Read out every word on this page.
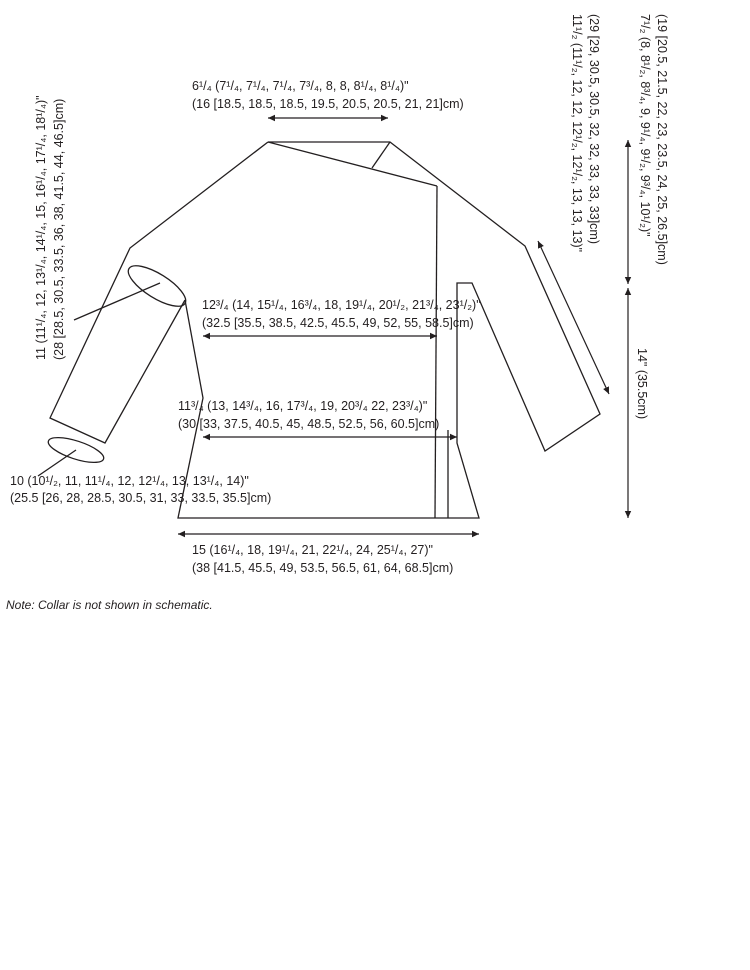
6¹/₄ (7¹/₄, 7¹/₄, 7¹/₄, 7³/₄, 8, 8, 8¹/₄, 8¹/₄)"
(16 [18.5, 18.5, 18.5, 19.5, 20.5, 20.5, 21, 21]cm)
12³/₄ (14, 15¹/₄, 16³/₄, 18, 19¹/₄, 20¹/₂, 21³/₄, 23¹/₂)"
(32.5 [35.5, 38.5, 42.5, 45.5, 49, 52, 55, 58.5]cm)
11³/₄ (13, 14³/₄, 16, 17³/₄, 19, 20³/₄ 22, 23³/₄)"
(30 [33, 37.5, 40.5, 45, 48.5, 52.5, 56, 60.5]cm)
10 (10¹/₂, 11, 11¹/₄, 12, 12¹/₄, 13, 13¹/₄, 14)"
(25.5 [26, 28, 28.5, 30.5, 31, 33, 33.5, 35.5]cm)
15 (16¹/₄, 18, 19¹/₄, 21, 22¹/₄, 24, 25¹/₄, 27)"
(38 [41.5, 45.5, 49, 53.5, 56.5, 61, 64, 68.5]cm)
11 (11¹/₄, 12, 13¹/₄, 14¹/₄, 15, 16¹/₄, 17¹/₄, 18¹/₄)" (28 [28.5, 30.5, 33.5, 36, 38, 41.5, 44, 46.5]cm)	11¹/₂ (11¹/₂, 12, 12, 12¹/₂, 12¹/₂, 13, 13, 13)" (29 [29, 30.5, 30.5, 32, 32, 33, 33, 33]cm)	7¹/₂ (8, 8¹/₂, 8³/₄, 9, 9¹/₄, 9¹/₂, 9³/₄, 10¹/₂)" (19 [20.5, 21.5, 22, 23, 23.5, 24, 25, 26.5]cm)
14" (35.5cm)
Note: Collar is not shown in schematic.
